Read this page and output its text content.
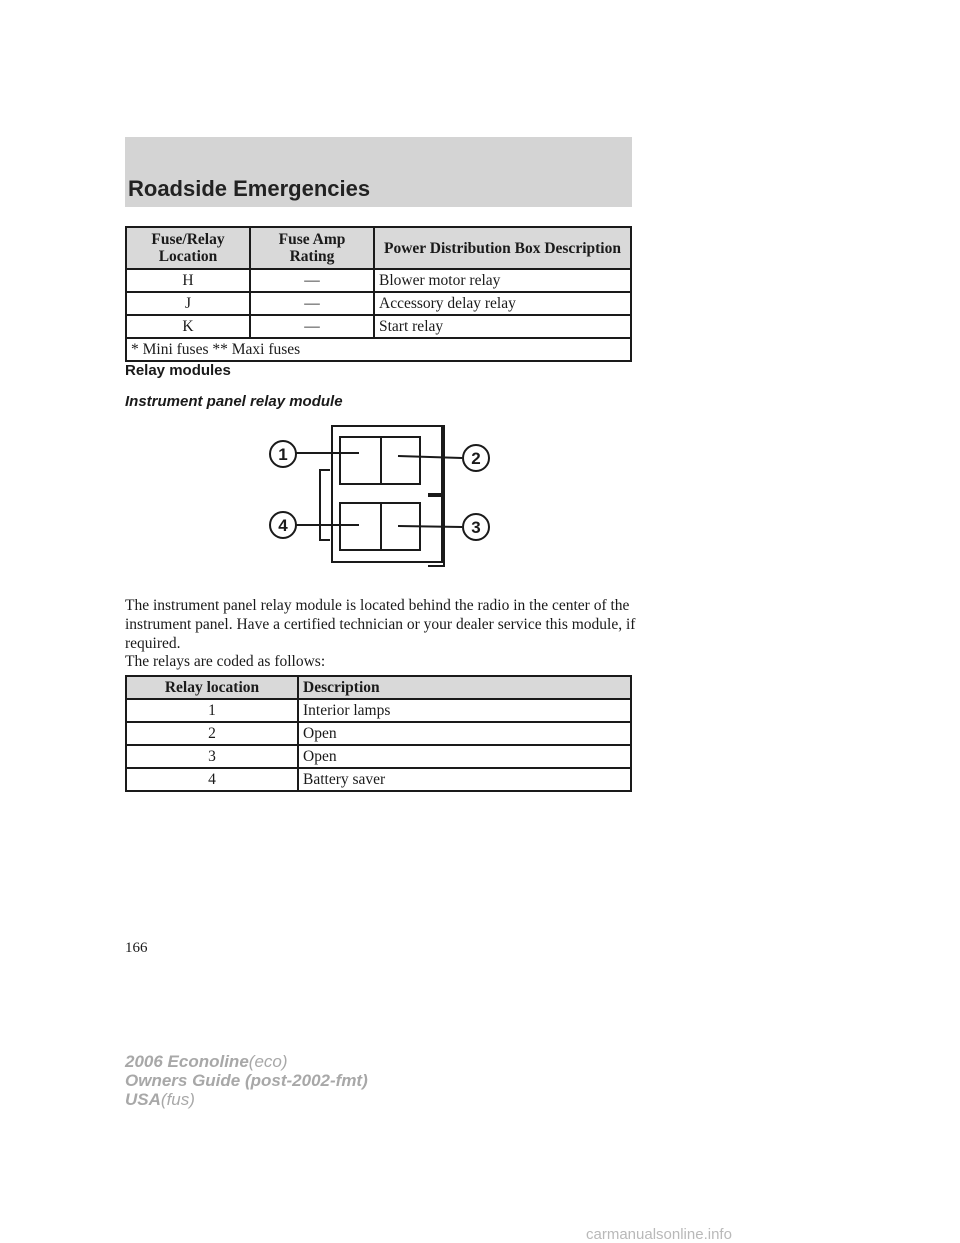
Roadside Emergencies
Fuse/Relay Location	Fuse Amp Rating	Power Distribution Box Description
H	—	Blower motor relay
J	—	Accessory delay relay
K	—	Start relay
* Mini fuses ** Maxi fuses		
Relay modules
Instrument panel relay module
1	2
3
4

The instrument panel relay module is located behind the radio in the center of the instrument panel. Have a certified technician or your dealer service this module, if required.

The relays are coded as follows:

Relay location	Description
1	Interior lamps
2	Open
3	Open
4	Battery saver

166

2006 Econoline(eco)
Owners Guide (post-2002-fmt)
USA(fus)

carmanualsonline.info
